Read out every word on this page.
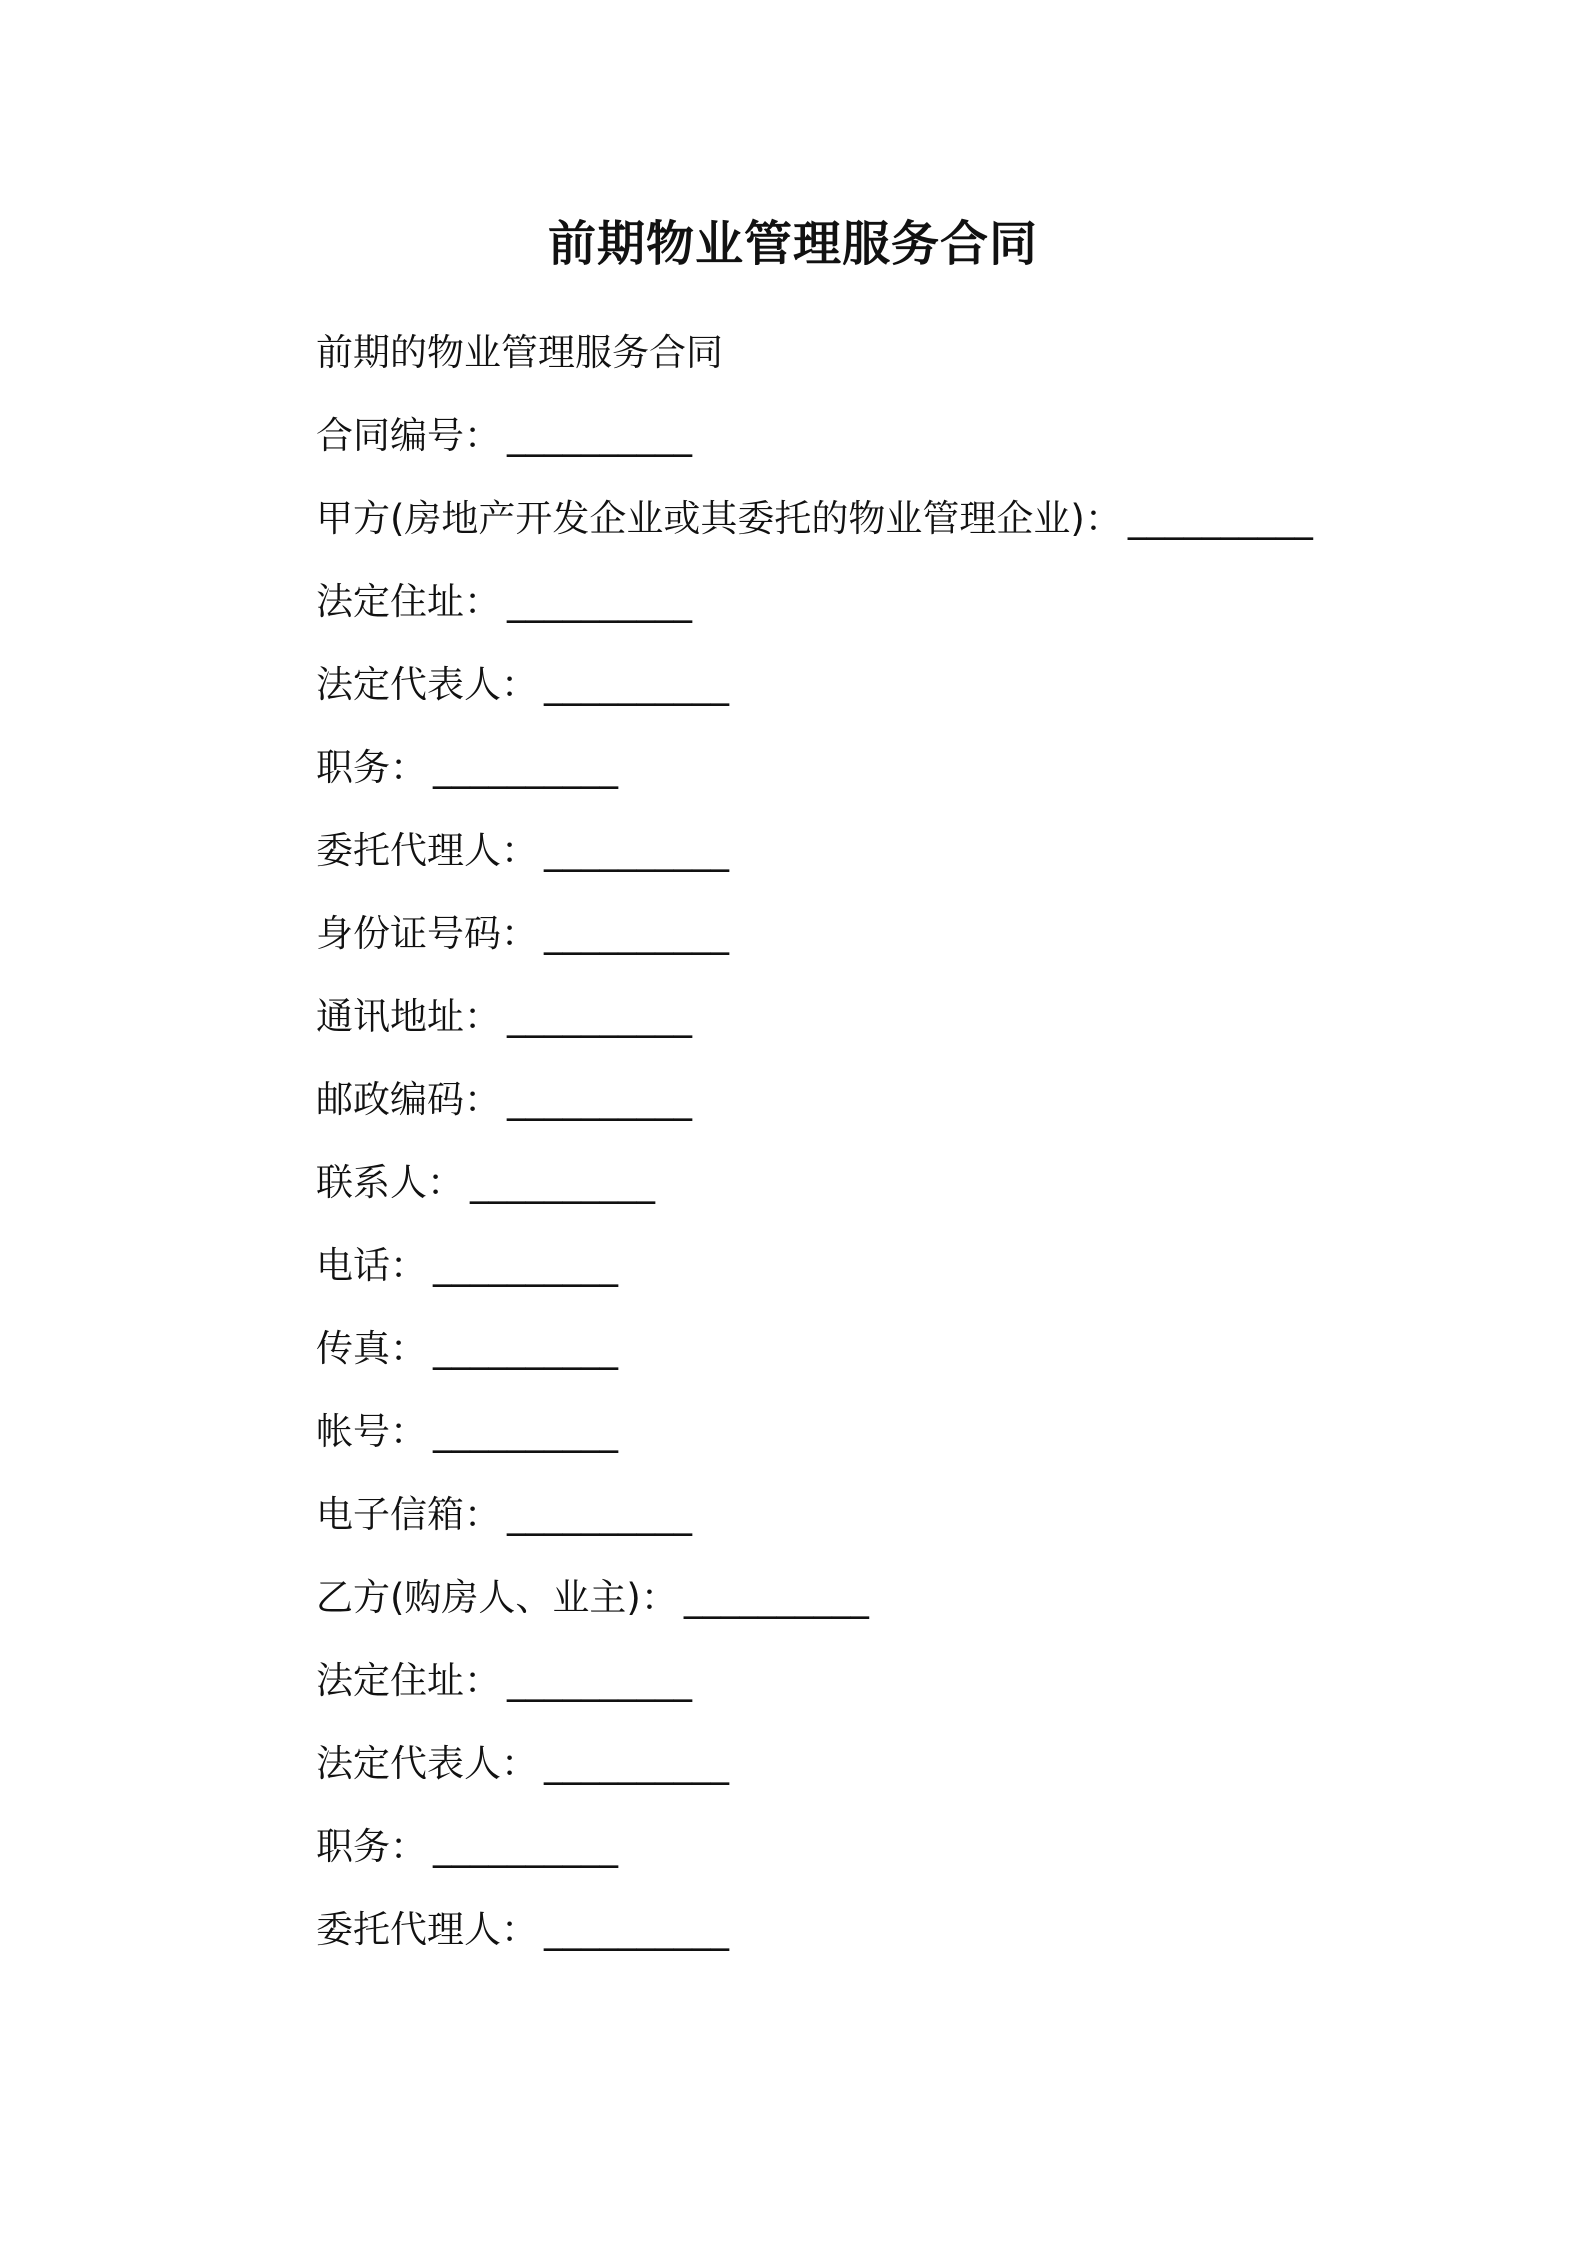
前期物业管理服务合同
前期的物业管理服务合同
合同编号： __________
甲方(房地产开发企业或其委托的物业管理企业)： __________
法定住址： __________
法定代表人： __________
职务： __________
委托代理人： __________
身份证号码： __________
通讯地址： __________
邮政编码： __________
联系人： __________
电话： __________
传真： __________
帐号： __________
电子信箱： __________
乙方(购房人、业主)： __________
法定住址： __________
法定代表人： __________
职务： __________
委托代理人： __________
